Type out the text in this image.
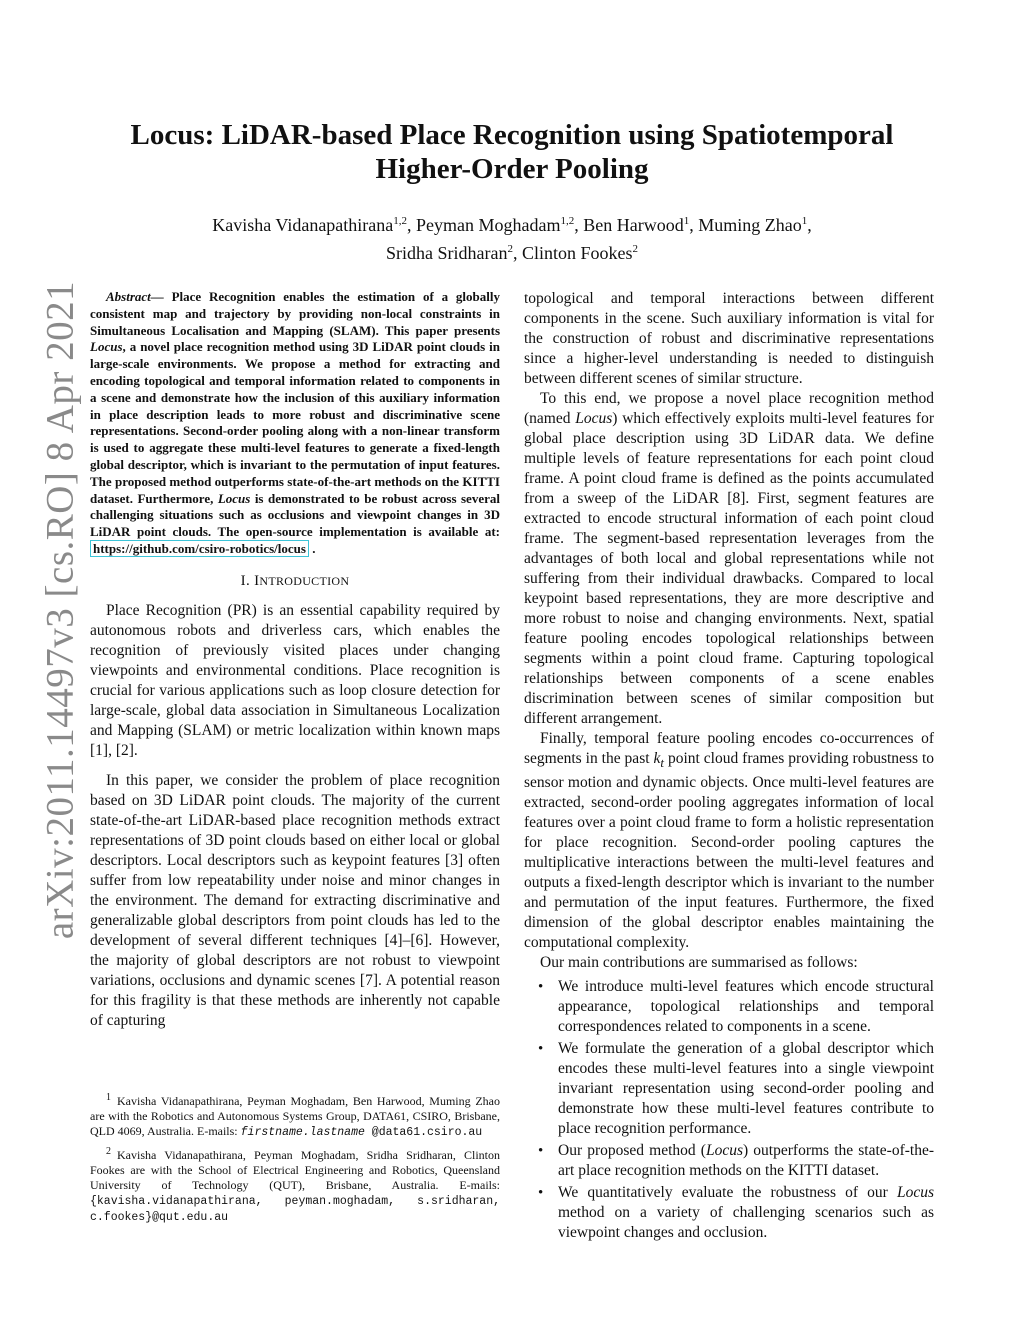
arXiv:2011.14497v3 [cs.RO] 8 Apr 2021
Locus: LiDAR-based Place Recognition using Spatiotemporal
Higher-Order Pooling
Kavisha Vidanapathirana$^{1,2}$, Peyman Moghadam$^{1,2}$, Ben Harwood$^1$, Muming Zhao$^1$,
Sridha Sridharan$^2$, Clinton Fookes$^2$

Abstract— Place Recognition enables the estimation of a globally consistent map and trajectory by providing non-local constraints in Simultaneous Localisation and Mapping (SLAM). This paper presents Locus, a novel place recognition method using 3D LiDAR point clouds in large-scale environments. We propose a method for extracting and encoding topological and temporal information related to components in a scene and demonstrate how the inclusion of this auxiliary information in place description leads to more robust and discriminative scene representations. Second-order pooling along with a non-linear transform is used to aggregate these multi-level features to generate a fixed-length global descriptor, which is invariant to the permutation of input features. The proposed method outperforms state-of-the-art methods on the KITTI dataset. Furthermore, Locus is demonstrated to be robust across several challenging situations such as occlusions and viewpoint changes in 3D LiDAR point clouds. The open-source implementation is available at: https://github.com/csiro-robotics/locus .

I. INTRODUCTION

Place Recognition (PR) is an essential capability required by autonomous robots and driverless cars, which enables the recognition of previously visited places under changing viewpoints and environmental conditions. Place recognition is crucial for various applications such as loop closure detection for large-scale, global data association in Simultaneous Localization and Mapping (SLAM) or metric localization within known maps [1], [2].

In this paper, we consider the problem of place recognition based on 3D LiDAR point clouds. The majority of the current state-of-the-art LiDAR-based place recognition methods extract representations of 3D point clouds based on either local or global descriptors. Local descriptors such as keypoint features [3] often suffer from low repeatability under noise and minor changes in the environment. The demand for extracting discriminative and generalizable global descriptors from point clouds has led to the development of several different techniques [4]–[6]. However, the majority of global descriptors are not robust to viewpoint variations, occlusions and dynamic scenes [7]. A potential reason for this fragility is that these methods are inherently not capable of capturing

$^1$ Kavisha Vidanapathirana, Peyman Moghadam, Ben Harwood, Muming Zhao are with the Robotics and Autonomous Systems Group, DATA61, CSIRO, Brisbane, QLD 4069, Australia. E-mails: firstname.lastname @data61.csiro.au

$^2$ Kavisha Vidanapathirana, Peyman Moghadam, Sridha Sridharan, Clinton Fookes are with the School of Electrical Engineering and Robotics, Queensland University of Technology (QUT), Brisbane, Australia. E-mails: {kavisha.vidanapathirana, peyman.moghadam, s.sridharan, c.fookes}@qut.edu.au

topological and temporal interactions between different components in the scene. Such auxiliary information is vital for the construction of robust and discriminative representations since a higher-level understanding is needed to distinguish between different scenes of similar structure.

To this end, we propose a novel place recognition method (named Locus) which effectively exploits multi-level features for global place description using 3D LiDAR data. We define multiple levels of feature representations for each point cloud frame. A point cloud frame is defined as the points accumulated from a sweep of the LiDAR [8]. First, segment features are extracted to encode structural information of each point cloud frame. The segment-based representation leverages from the advantages of both local and global representations while not suffering from their individual drawbacks. Compared to local keypoint based representations, they are more descriptive and more robust to noise and changing environments. Next, spatial feature pooling encodes topological relationships between segments within a point cloud frame. Capturing topological relationships between components of a scene enables discrimination between scenes of similar composition but different arrangement.

Finally, temporal feature pooling encodes co-occurrences of segments in the past $k_t$ point cloud frames providing robustness to sensor motion and dynamic objects. Once multi-level features are extracted, second-order pooling aggregates information of local features over a point cloud frame to form a holistic representation for place recognition. Second-order pooling captures the multiplicative interactions between the multi-level features and outputs a fixed-length descriptor which is invariant to the number and permutation of the input features. Furthermore, the fixed dimension of the global descriptor enables maintaining the computational complexity.

Our main contributions are summarised as follows:

• We introduce multi-level features which encode structural appearance, topological relationships and temporal correspondences related to components in a scene.
• We formulate the generation of a global descriptor which encodes these multi-level features into a single viewpoint invariant representation using second-order pooling and demonstrate how these multi-level features contribute to place recognition performance.
• Our proposed method (Locus) outperforms the state-of-the-art place recognition methods on the KITTI dataset.
• We quantitatively evaluate the robustness of our Locus method on a variety of challenging scenarios such as viewpoint changes and occlusion.
